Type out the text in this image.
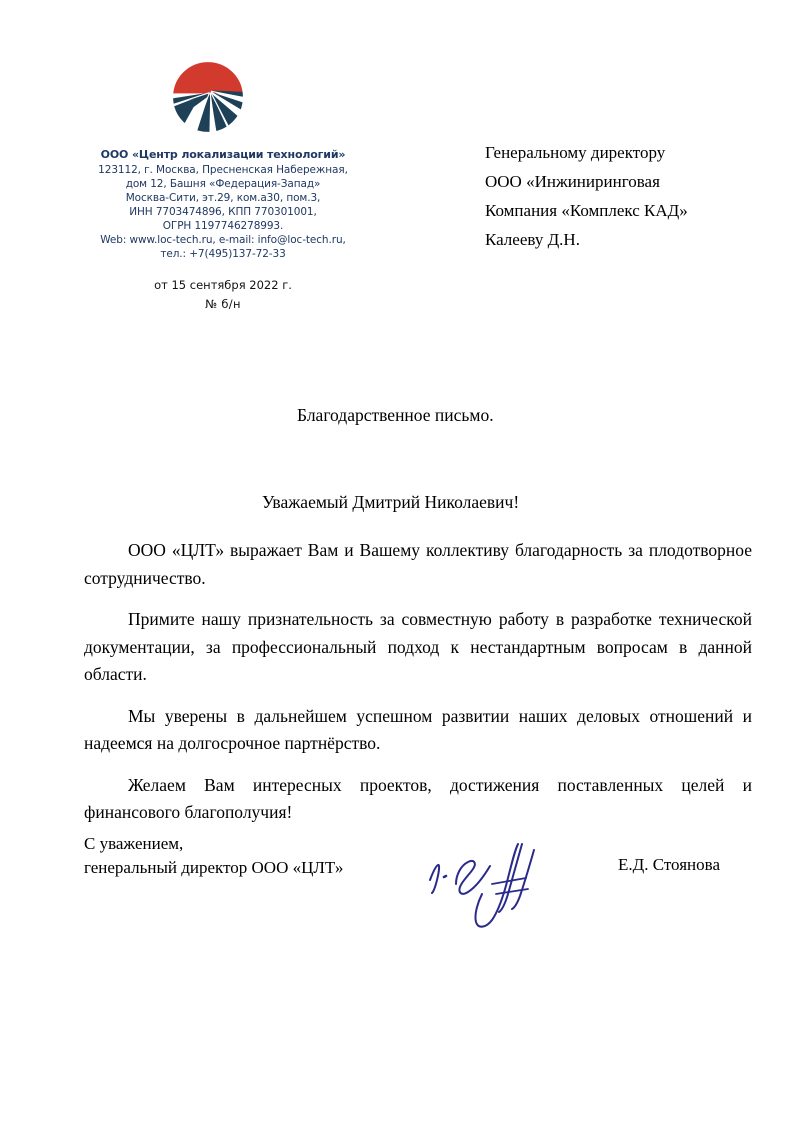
ООО «Центр локализации технологий»
123112, г. Москва, Пресненская Набережная,
дом 12, Башня «Федерация-Запад»
Москва-Сити, эт.29, ком.а30, пом.3,
ИНН 7703474896, КПП 770301001,
ОГРН 1197746278993.
Web: www.loc-tech.ru, e-mail: info@loc-tech.ru,
тел.: +7(495)137-72-33
от 15 сентября 2022 г.
№ б/н
Генеральному директору
ООО «Инжиниринговая
Компания «Комплекс КАД»
Калееву Д.Н.
Благодарственное письмо.
Уважаемый Дмитрий Николаевич!

ООО «ЦЛТ» выражает Вам и Вашему коллективу благодарность за плодотворное сотрудничество.

Примите нашу признательность за совместную работу в разработке технической документации, за профессиональный подход к нестандартным вопросам в данной области.

Мы уверены в дальнейшем успешном развитии наших деловых отношений и надеемся на долгосрочное партнёрство.

Желаем Вам интересных проектов, достижения поставленных целей и финансового благополучия!

С уважением,
генеральный директор ООО «ЦЛТ»	Е.Д. Стоянова
